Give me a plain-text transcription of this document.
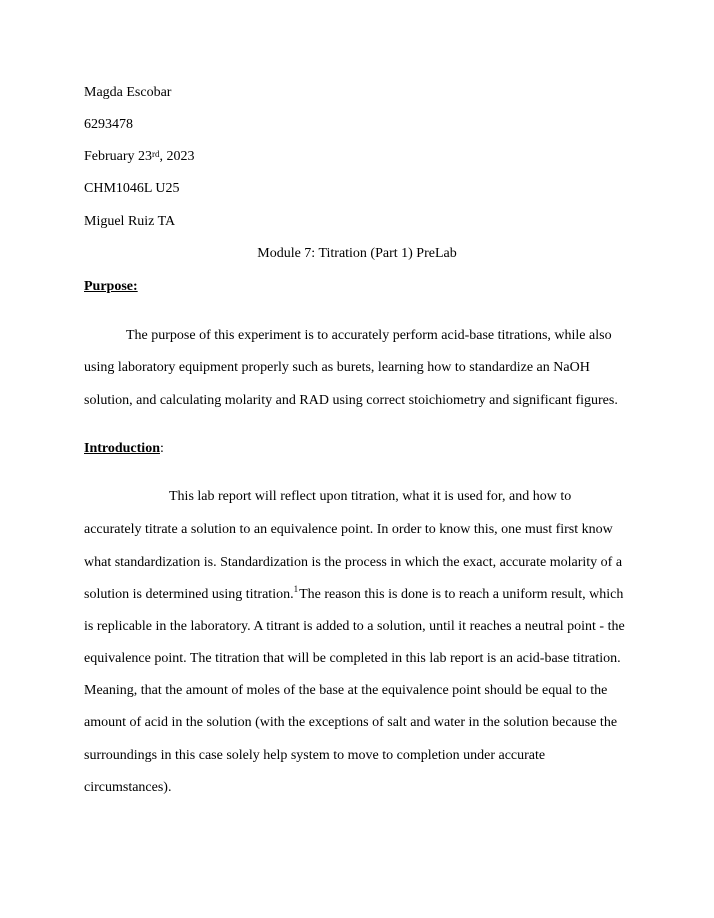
Magda Escobar
6293478
February 23rd, 2023
CHM1046L U25
Miguel Ruiz TA
Module 7: Titration (Part 1) PreLab
Purpose:
The purpose of this experiment is to accurately perform acid-base titrations, while also
using laboratory equipment properly such as burets, learning how to standardize an NaOH
solution, and calculating molarity and RAD using correct stoichiometry and significant figures.
Introduction:
This lab report will reflect upon titration, what it is used for, and how to
accurately titrate a solution to an equivalence point. In order to know this, one must first know
what standardization is. Standardization is the process in which the exact, accurate molarity of a
solution is determined using titration.$^1$The reason this is done is to reach a uniform result, which
is replicable in the laboratory. A titrant is added to a solution, until it reaches a neutral point - the
equivalence point. The titration that will be completed in this lab report is an acid-base titration.
Meaning, that the amount of moles of the base at the equivalence point should be equal to the
amount of acid in the solution (with the exceptions of salt and water in the solution because the
surroundings in this case solely help system to move to completion under accurate
circumstances).
